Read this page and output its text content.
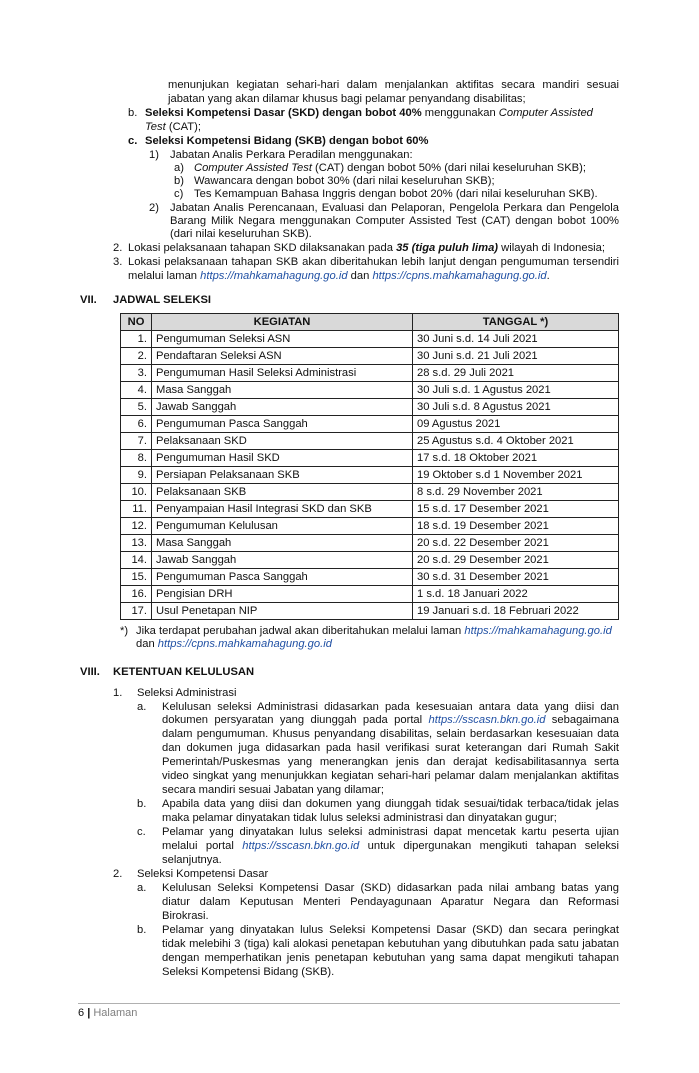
menunjukan kegiatan sehari-hari dalam menjalankan aktifitas secara mandiri sesuai
jabatan yang akan dilamar khusus bagi pelamar penyandang disabilitas;
b. Seleksi Kompetensi Dasar (SKD) dengan bobot 40% menggunakan Computer Assisted
Test (CAT);
c. Seleksi Kompetensi Bidang (SKB) dengan bobot 60%
1) Jabatan Analis Perkara Peradilan menggunakan:
a) Computer Assisted Test (CAT) dengan bobot 50% (dari nilai keseluruhan SKB);
b) Wawancara dengan bobot 30% (dari nilai keseluruhan SKB);
c) Tes Kemampuan Bahasa Inggris dengan bobot 20% (dari nilai keseluruhan SKB).
2) Jabatan Analis Perencanaan, Evaluasi dan Pelaporan, Pengelola Perkara dan Pengelola
Barang Milik Negara menggunakan Computer Assisted Test (CAT) dengan bobot 100%
(dari nilai keseluruhan SKB).
2. Lokasi pelaksanaan tahapan SKD dilaksanakan pada 35 (tiga puluh lima) wilayah di Indonesia;
3. Lokasi pelaksanaan tahapan SKB akan diberitahukan lebih lanjut dengan pengumuman tersendiri
melalui laman https://mahkamahagung.go.id dan https://cpns.mahkamahagung.go.id.
VII. JADWAL SELEKSI
NO	KEGIATAN	TANGGAL *)
1.	Pengumuman Seleksi ASN	30 Juni s.d. 14 Juli 2021
2.	Pendaftaran Seleksi ASN	30 Juni s.d. 21 Juli 2021
3.	Pengumuman Hasil Seleksi Administrasi	28 s.d. 29 Juli 2021
4.	Masa Sanggah	30 Juli s.d. 1 Agustus 2021
5.	Jawab Sanggah	30 Juli s.d. 8 Agustus 2021
6.	Pengumuman Pasca Sanggah	09 Agustus 2021
7.	Pelaksanaan SKD	25 Agustus s.d. 4 Oktober 2021
8.	Pengumuman Hasil SKD	17 s.d. 18 Oktober 2021
9.	Persiapan Pelaksanaan SKB	19 Oktober s.d 1 November 2021
10.	Pelaksanaan SKB	8 s.d. 29 November 2021
11.	Penyampaian Hasil Integrasi SKD dan SKB	15 s.d. 17 Desember 2021
12.	Pengumuman Kelulusan	18 s.d. 19 Desember 2021
13.	Masa Sanggah	20 s.d. 22 Desember 2021
14.	Jawab Sanggah	20 s.d. 29 Desember 2021
15.	Pengumuman Pasca Sanggah	30 s.d. 31 Desember 2021
16.	Pengisian DRH	1 s.d. 18 Januari 2022
17.	Usul Penetapan NIP	19 Januari s.d. 18 Februari 2022
*) Jika terdapat perubahan jadwal akan diberitahukan melalui laman https://mahkamahagung.go.id
dan https://cpns.mahkamahagung.go.id
VIII. KETENTUAN KELULUSAN
1. Seleksi Administrasi
a. Kelulusan seleksi Administrasi didasarkan pada kesesuaian antara data yang diisi dan
dokumen persyaratan yang diunggah pada portal https://sscasn.bkn.go.id sebagaimana
dalam pengumuman. Khusus penyandang disabilitas, selain berdasarkan kesesuaian data
dan dokumen juga didasarkan pada hasil verifikasi surat keterangan dari Rumah Sakit
Pemerintah/Puskesmas yang menerangkan jenis dan derajat kedisabilitasannya serta
video singkat yang menunjukkan kegiatan sehari-hari pelamar dalam menjalankan aktifitas
secara mandiri sesuai Jabatan yang dilamar;
b. Apabila data yang diisi dan dokumen yang diunggah tidak sesuai/tidak terbaca/tidak jelas
maka pelamar dinyatakan tidak lulus seleksi administrasi dan dinyatakan gugur;
c. Pelamar yang dinyatakan lulus seleksi administrasi dapat mencetak kartu peserta ujian
melalui portal https://sscasn.bkn.go.id untuk dipergunakan mengikuti tahapan seleksi
selanjutnya.
2. Seleksi Kompetensi Dasar
a. Kelulusan Seleksi Kompetensi Dasar (SKD) didasarkan pada nilai ambang batas yang
diatur dalam Keputusan Menteri Pendayagunaan Aparatur Negara dan Reformasi
Birokrasi.
b. Pelamar yang dinyatakan lulus Seleksi Kompetensi Dasar (SKD) dan secara peringkat
tidak melebihi 3 (tiga) kali alokasi penetapan kebutuhan yang dibutuhkan pada satu jabatan
dengan memperhatikan jenis penetapan kebutuhan yang sama dapat mengikuti tahapan
Seleksi Kompetensi Bidang (SKB).
6 | Halaman
